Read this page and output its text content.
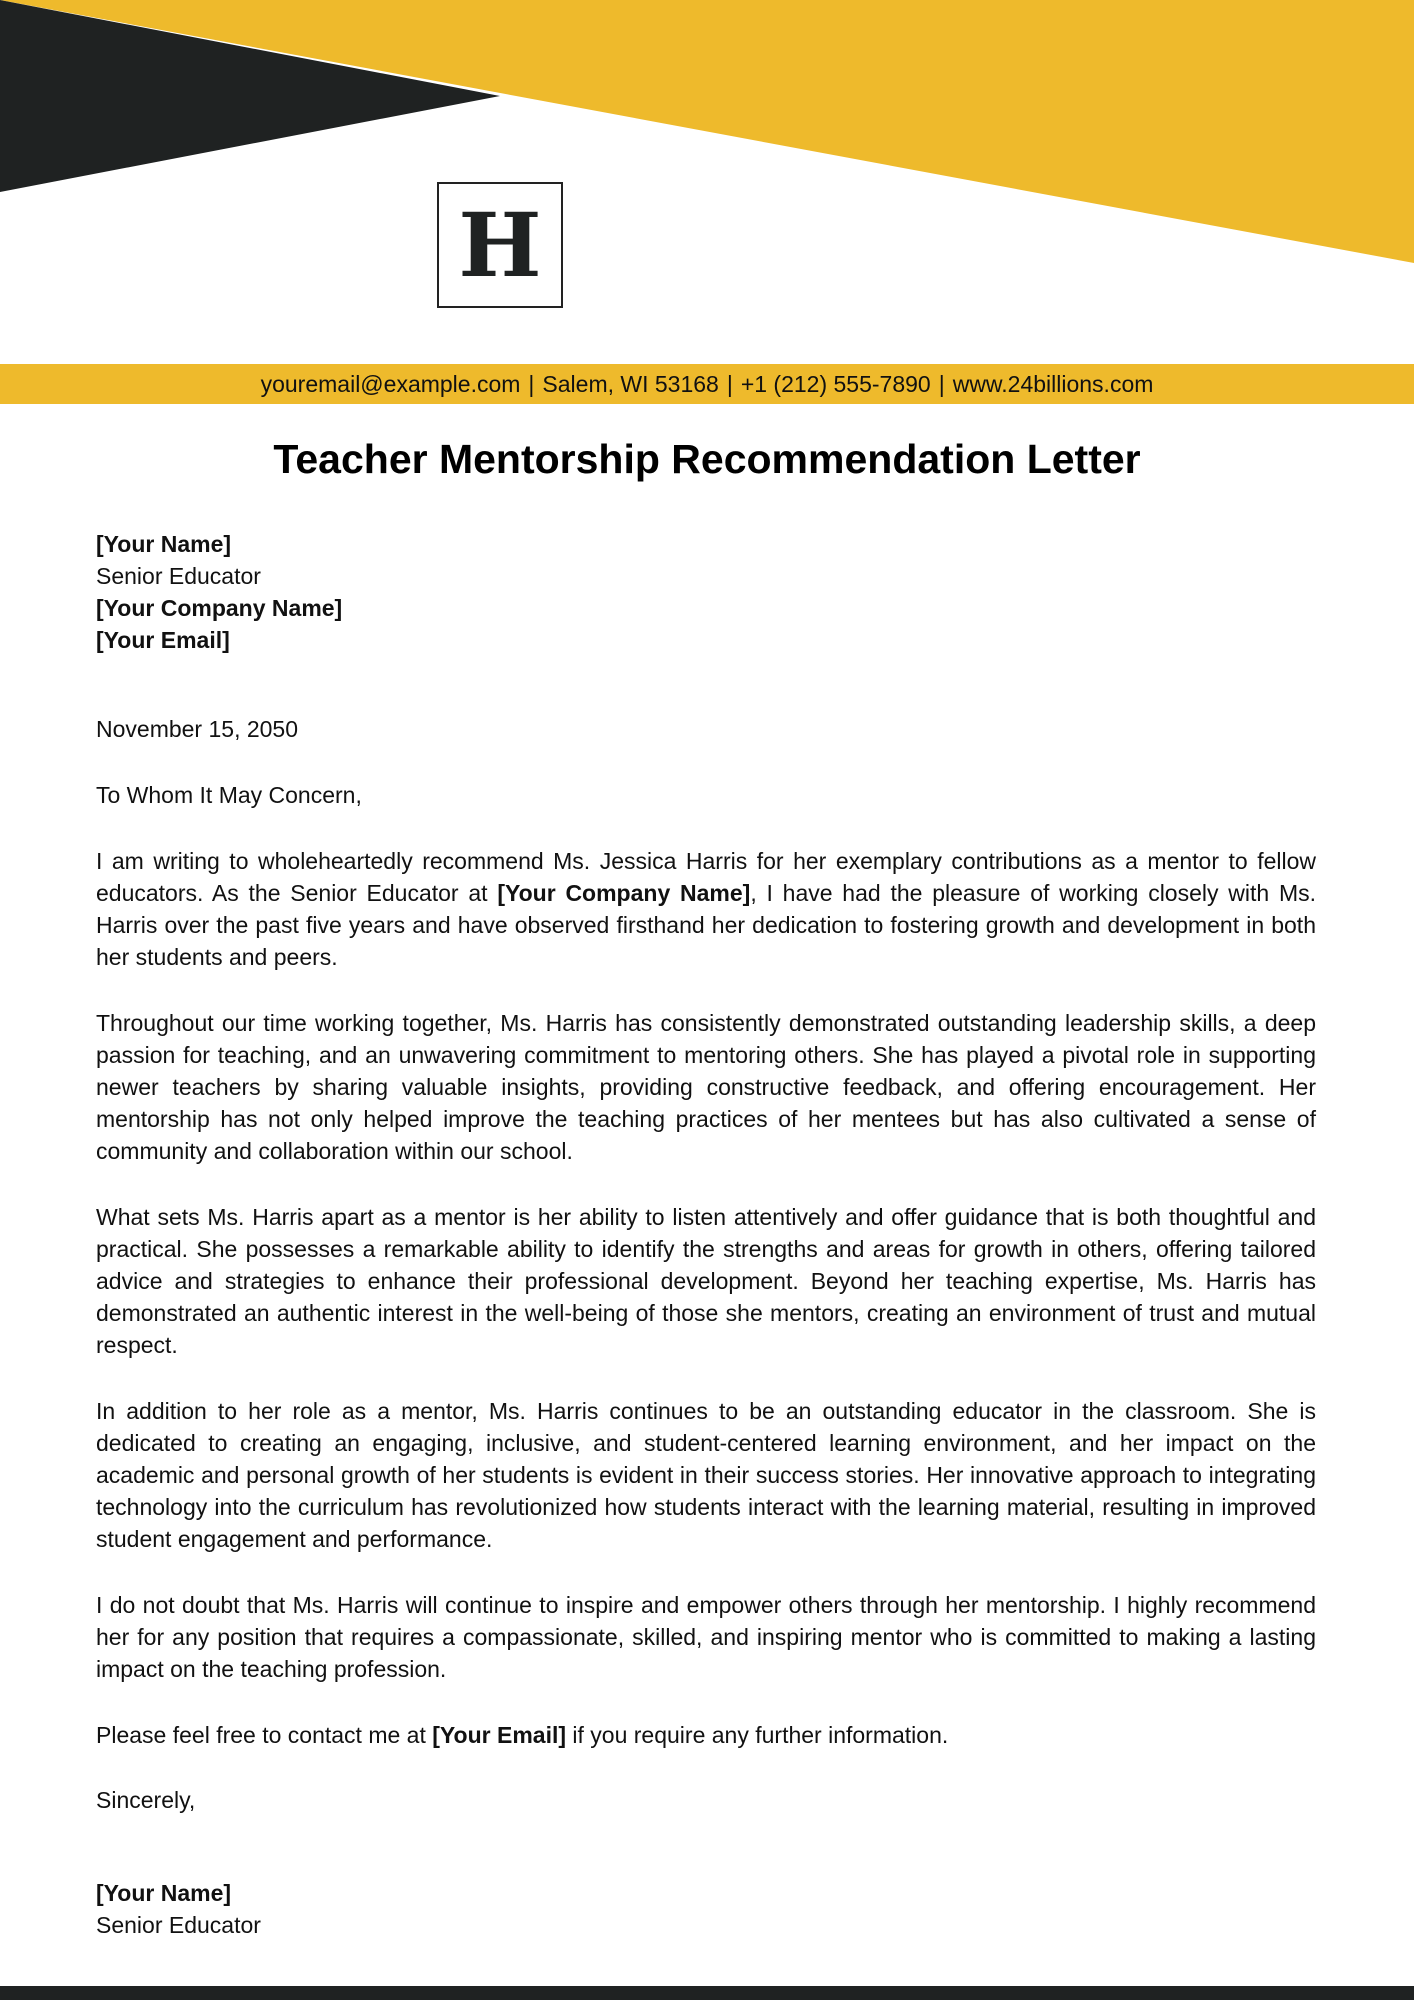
H
youremail@example.com | Salem, WI 53168 | +1 (212) 555-7890 | www.24billions.com
Teacher Mentorship Recommendation Letter
[Your Name]
Senior Educator
[Your Company Name]
[Your Email]
November 15, 2050
To Whom It May Concern,

I am writing to wholeheartedly recommend Ms. Jessica Harris for her exemplary contributions as a mentor to fellow educators. As the Senior Educator at [Your Company Name], I have had the pleasure of working closely with Ms. Harris over the past five years and have observed firsthand her dedication to fostering growth and development in both her students and peers.

Throughout our time working together, Ms. Harris has consistently demonstrated outstanding leadership skills, a deep passion for teaching, and an unwavering commitment to mentoring others. She has played a pivotal role in supporting newer teachers by sharing valuable insights, providing constructive feedback, and offering encouragement. Her mentorship has not only helped improve the teaching practices of her mentees but has also cultivated a sense of community and collaboration within our school.

What sets Ms. Harris apart as a mentor is her ability to listen attentively and offer guidance that is both thoughtful and practical. She possesses a remarkable ability to identify the strengths and areas for growth in others, offering tailored advice and strategies to enhance their professional development. Beyond her teaching expertise, Ms. Harris has demonstrated an authentic interest in the well-being of those she mentors, creating an environment of trust and mutual respect.

In addition to her role as a mentor, Ms. Harris continues to be an outstanding educator in the classroom. She is dedicated to creating an engaging, inclusive, and student-centered learning environment, and her impact on the academic and personal growth of her students is evident in their success stories. Her innovative approach to integrating technology into the curriculum has revolutionized how students interact with the learning material, resulting in improved student engagement and performance.

I do not doubt that Ms. Harris will continue to inspire and empower others through her mentorship. I highly recommend her for any position that requires a compassionate, skilled, and inspiring mentor who is committed to making a lasting impact on the teaching profession.

Please feel free to contact me at [Your Email] if you require any further information.

Sincerely,
[Your Name]
Senior Educator
